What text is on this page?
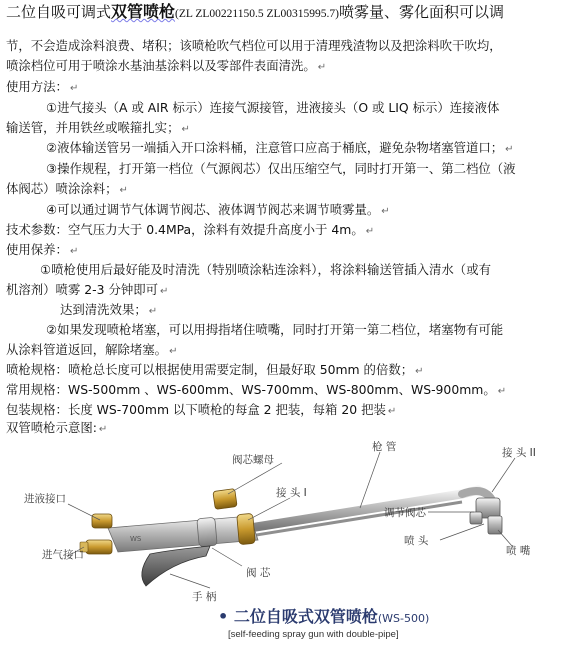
二位自吸可调式双管喷枪(ZL ZL00221150.5 ZL00315995.7)喷雾量、雾化面积可以调
节，不会造成涂料浪费、堵积；该喷枪吹气档位可以用于清理残渣物以及把涂料吹干吹均，
喷涂档位可用于喷涂水基油基涂料以及零部件表面清洗。 ↵
使用方法： ↵
①进气接头（A 或 AIR 标示）连接气源接管，进液接头（O 或 LIQ 标示）连接液体
输送管，并用铁丝或喉箍扎实； ↵
②液体输送管另一端插入开口涂料桶，注意管口应高于桶底，避免杂物堵塞管道口； ↵
③操作规程，打开第一档位（气源阀芯）仅出压缩空气，同时打开第一、第二档位（液
体阀芯）喷涂涂料； ↵
④可以通过调节气体调节阀芯、液体调节阀芯来调节喷雾量。 ↵
技术参数：空气压力大于 0.4MPa，涂料有效提升高度小于 4m。 ↵
使用保养： ↵
①喷枪使用后最好能及时清洗（特别喷涂粘连涂料），将涂料输送管插入清水（或有
机溶剂）喷雾 2-3 分钟即可 ↵
达到清洗效果； ↵
②如果发现喷枪堵塞，可以用拇指堵住喷嘴，同时打开第一第二档位，堵塞物有可能
从涂料管道返回，解除堵塞。 ↵
喷枪规格：喷枪总长度可以根据使用需要定制，但最好取 50mm 的倍数； ↵
常用规格：WS-500mm 、WS-600mm、WS-700mm、WS-800mm、WS-900mm。 ↵
包装规格：长度 WS-700mm 以下喷枪的每盒 2 把装，每箱 20 把装 ↵
双管喷枪示意图: ↵
WS
进液接口
进气接口
阀芯螺母
接 头 I
枪 管	接 头 II
调节阀芯
喷 头
喷 嘴
手 柄
阀 芯
• 二位自吸式双管喷枪(WS-500)
[self-feeding spray gun with double-pipe]
